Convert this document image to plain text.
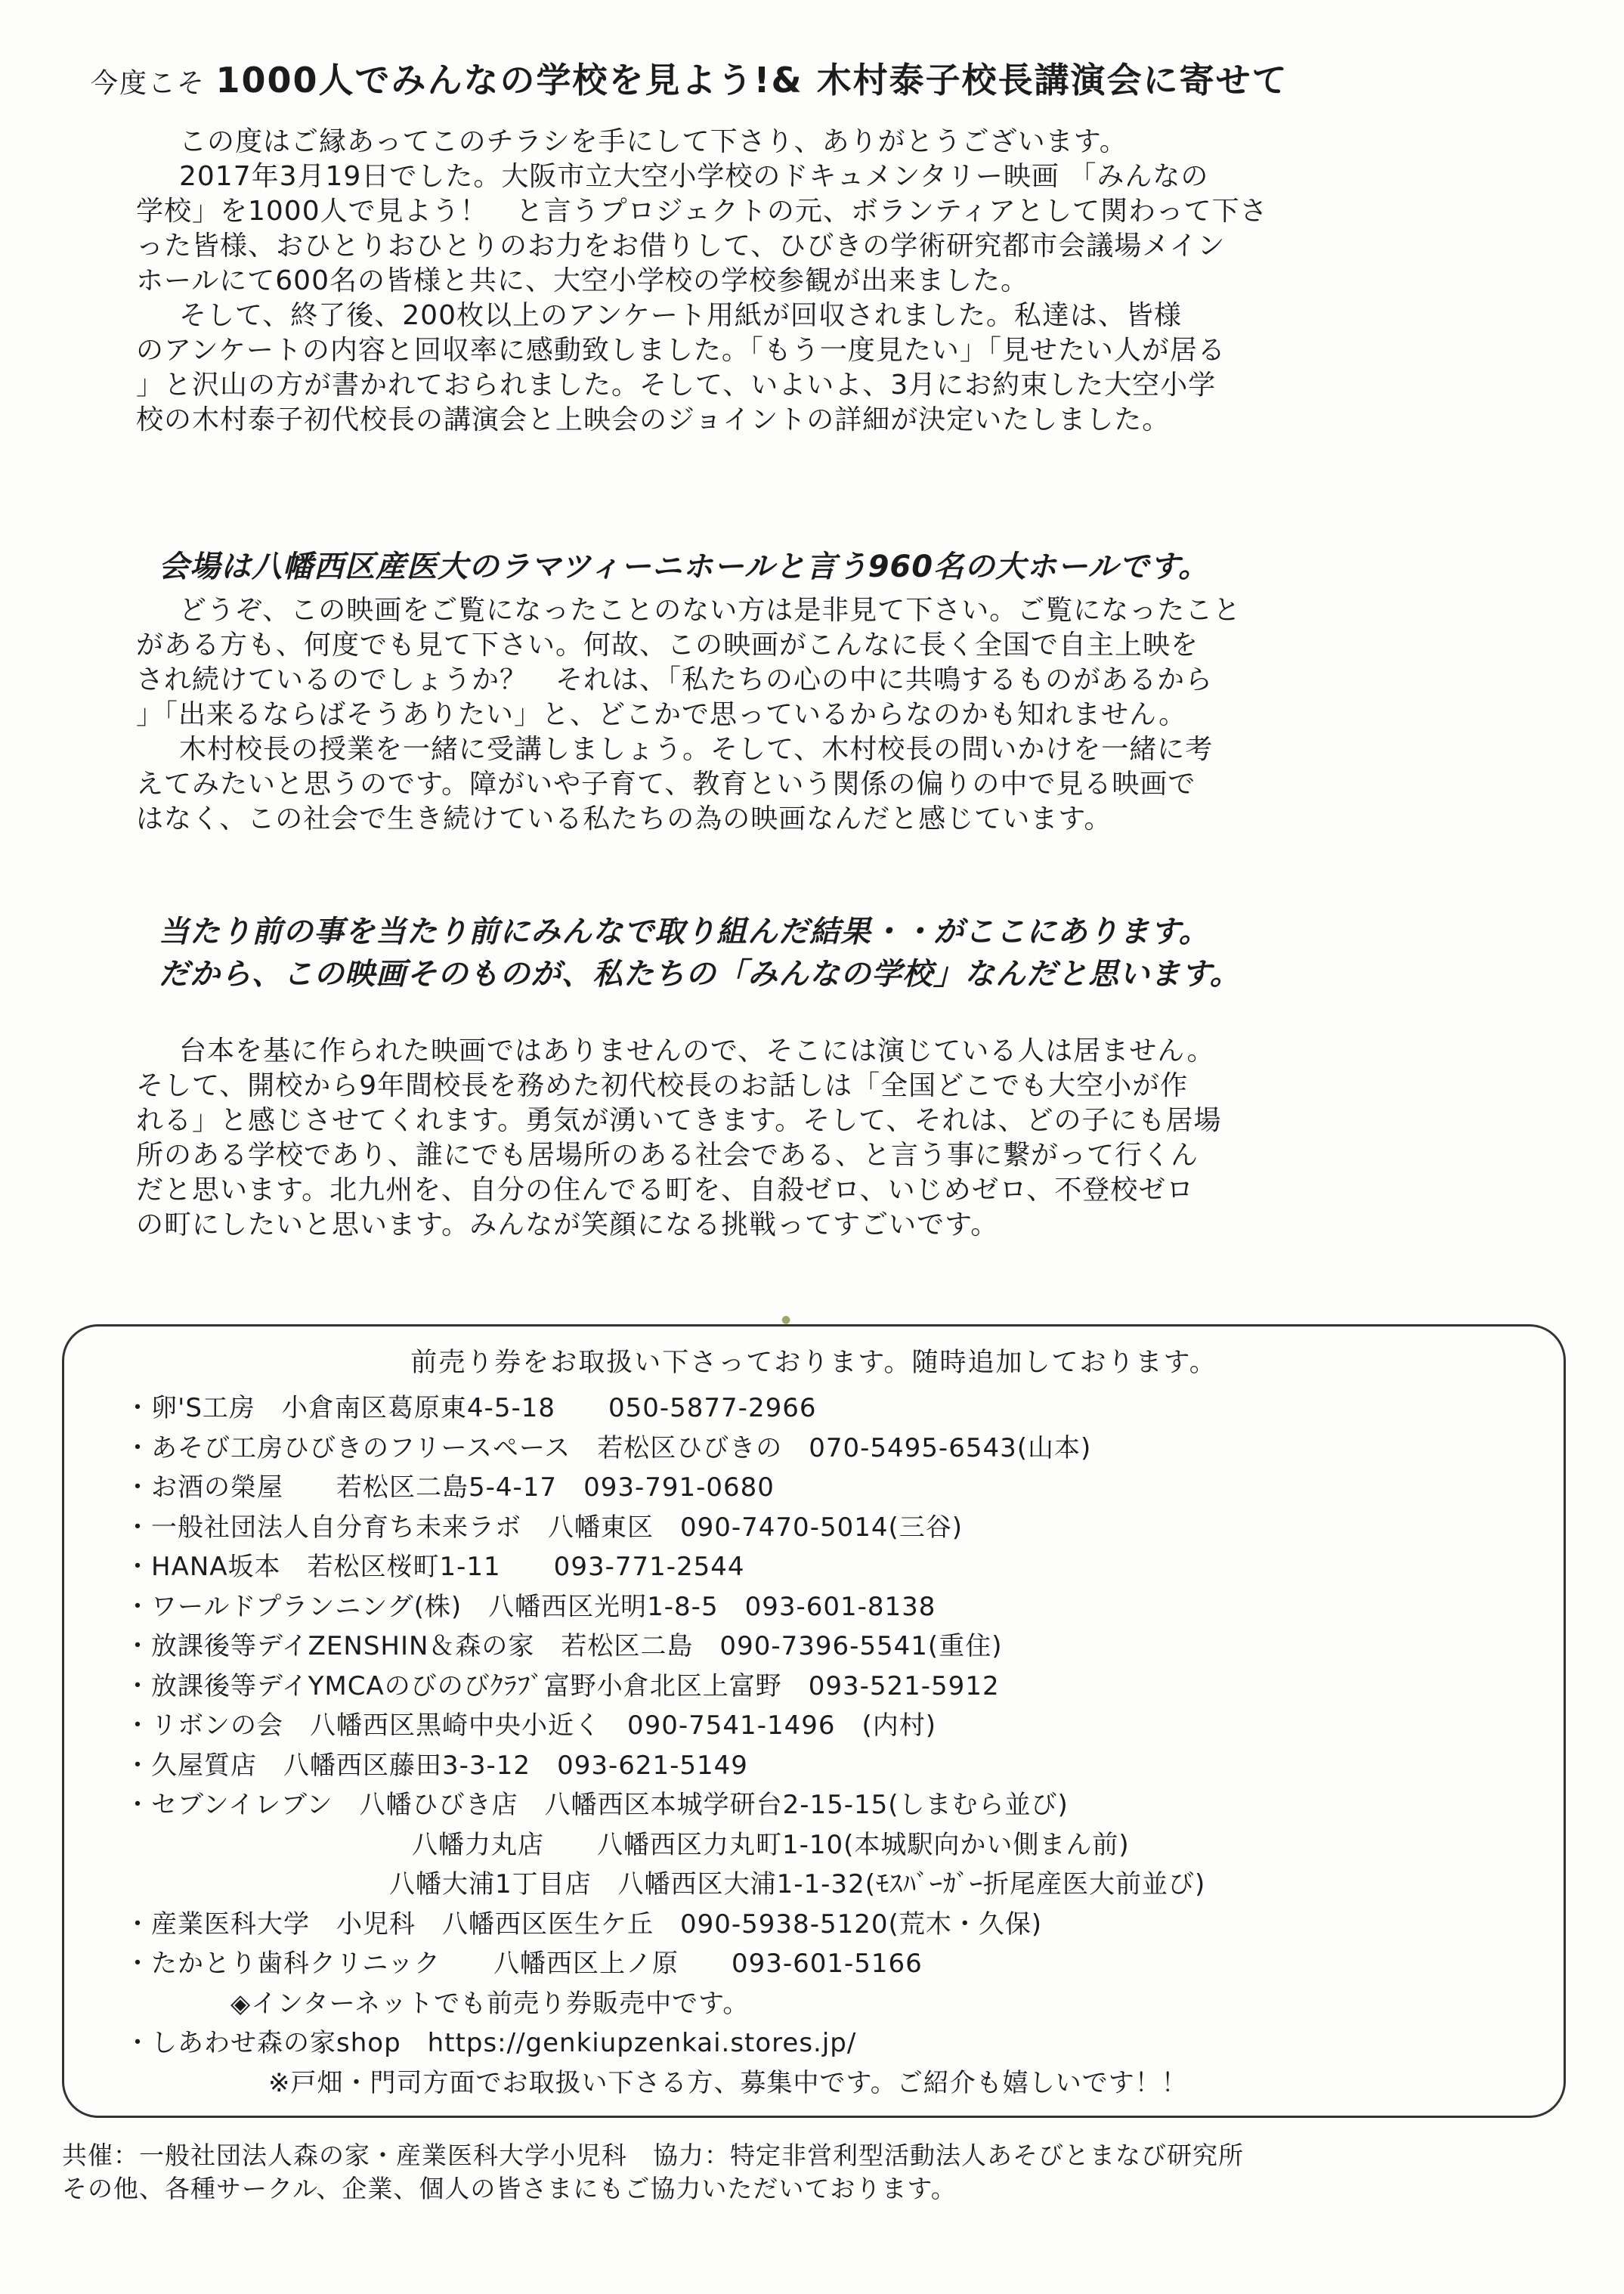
今度こそ 1000人でみんなの学校を見よう!& 木村泰子校長講演会に寄せて

　この度はご縁あってこのチラシを手にして下さり、ありがとうございます。

　2017年3月19日でした。大阪市立大空小学校のドキュメンタリー映画 「みんなの

学校」を1000人で見よう！　と言うプロジェクトの元、ボランティアとして関わって下さ

った皆様、おひとりおひとりのお力をお借りして、ひびきの学術研究都市会議場メイン

ホールにて600名の皆様と共に、大空小学校の学校参観が出来ました。

　そして、終了後、200枚以上のアンケート用紙が回収されました。私達は、皆様

のアンケートの内容と回収率に感動致しました。「もう一度見たい」「見せたい人が居る

」と沢山の方が書かれておられました。そして、いよいよ、3月にお約束した大空小学

校の木村泰子初代校長の講演会と上映会のジョイントの詳細が決定いたしました。

会場は八幡西区産医大のラマツィーニホールと言う960名の大ホールです。

　どうぞ、この映画をご覧になったことのない方は是非見て下さい。ご覧になったこと

がある方も、何度でも見て下さい。何故、この映画がこんなに長く全国で自主上映を

され続けているのでしょうか？　それは、「私たちの心の中に共鳴するものがあるから

」「出来るならばそうありたい」と、どこかで思っているからなのかも知れません。

　木村校長の授業を一緒に受講しましょう。そして、木村校長の問いかけを一緒に考

えてみたいと思うのです。障がいや子育て、教育という関係の偏りの中で見る映画で

はなく、この社会で生き続けている私たちの為の映画なんだと感じています。

当たり前の事を当たり前にみんなで取り組んだ結果・・がここにあります。

だから、この映画そのものが、私たちの「みんなの学校」なんだと思います。

　台本を基に作られた映画ではありませんので、そこには演じている人は居ません。

そして、開校から9年間校長を務めた初代校長のお話しは「全国どこでも大空小が作

れる」と感じさせてくれます。勇気が湧いてきます。そして、それは、どの子にも居場

所のある学校であり、誰にでも居場所のある社会である、と言う事に繋がって行くん

だと思います。北九州を、自分の住んでる町を、自殺ゼロ、いじめゼロ、不登校ゼロ

の町にしたいと思います。みんなが笑顔になる挑戦ってすごいです。

●
前売り券をお取扱い下さっております。随時追加しております。

・卵'S工房　小倉南区葛原東4-5-18　　050-5877-2966

・あそび工房ひびきのフリースペース　若松区ひびきの　070-5495-6543(山本)

・お酒の榮屋　　若松区二島5-4-17　093-791-0680

・一般社団法人自分育ち未来ラボ　八幡東区　090-7470-5014(三谷)

・HANA坂本　若松区桜町1-11　　093-771-2544

・ワールドプランニング(株)　八幡西区光明1-8-5　093-601-8138

・放課後等デイZENSHIN＆森の家　若松区二島　090-7396-5541(重住)

・放課後等デイYMCAのびのびｸﾗﾌﾞ富野小倉北区上富野　093-521-5912

・リボンの会　八幡西区黒崎中央小近く　090-7541-1496　(内村)

・久屋質店　八幡西区藤田3-3-12　093-621-5149

・セブンイレブン　八幡ひびき店　八幡西区本城学研台2-15-15(しまむら並び)

八幡力丸店　　八幡西区力丸町1-10(本城駅向かい側まん前)

八幡大浦1丁目店　八幡西区大浦1-1-32(ﾓｽﾊﾞｰｶﾞｰ折尾産医大前並び)

・産業医科大学　小児科　八幡西区医生ケ丘　090-5938-5120(荒木・久保)

・たかとり歯科クリニック　　八幡西区上ノ原　　093-601-5166

◈インターネットでも前売り券販売中です。

・しあわせ森の家shop　https://genkiupzenkai.stores.jp/

※戸畑・門司方面でお取扱い下さる方、募集中です。ご紹介も嬉しいです！！

共催：一般社団法人森の家・産業医科大学小児科　協力：特定非営利型活動法人あそびとまなび研究所

その他、各種サークル、企業、個人の皆さまにもご協力いただいております。
